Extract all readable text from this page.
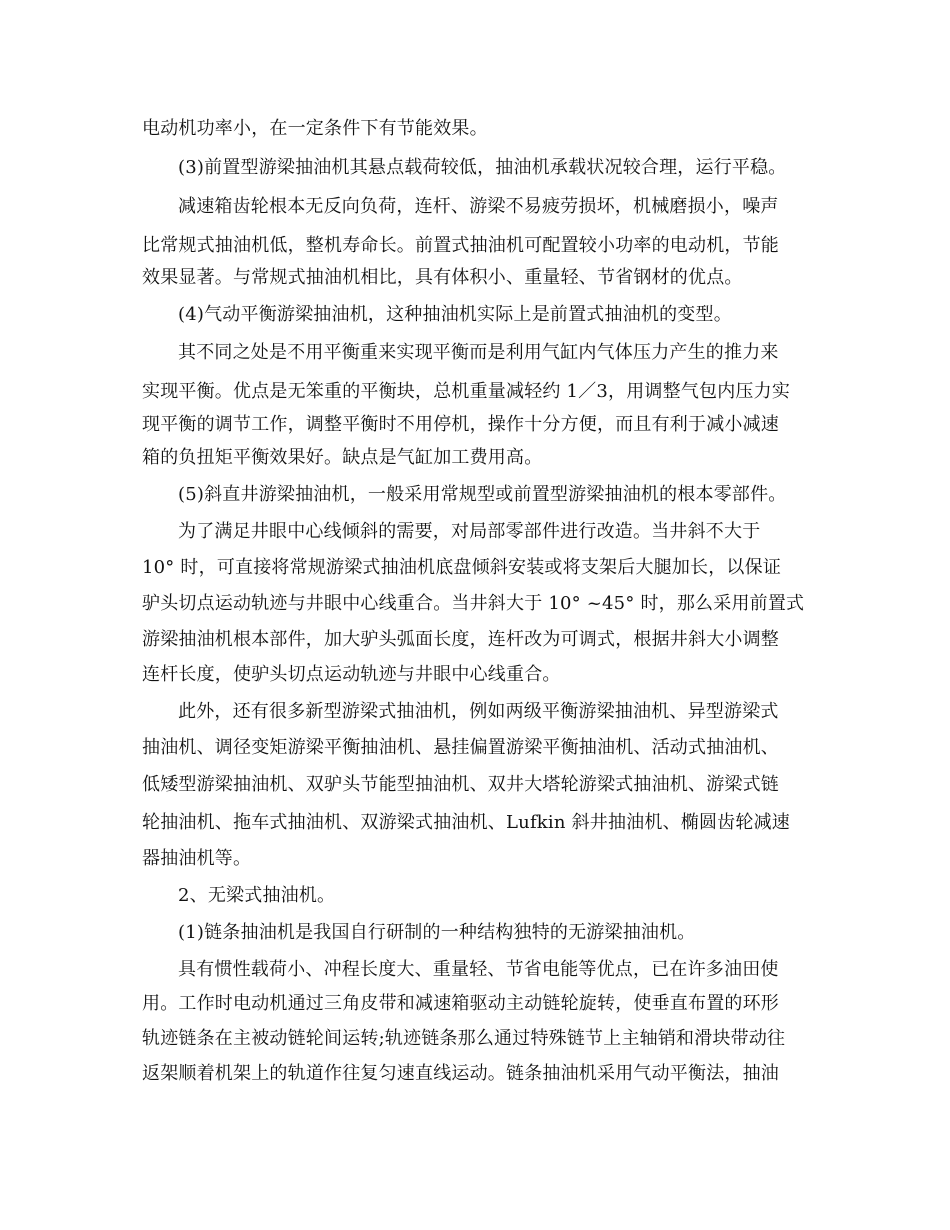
电动机功率小，在一定条件下有节能效果。
(3)前置型游梁抽油机其悬点载荷较低，抽油机承载状况较合理，运行平稳。
减速箱齿轮根本无反向负荷，连杆、游梁不易疲劳损坏，机械磨损小，噪声
比常规式抽油机低，整机寿命长。前置式抽油机可配置较小功率的电动机，节能
效果显著。与常规式抽油机相比，具有体积小、重量轻、节省钢材的优点。
(4)气动平衡游梁抽油机，这种抽油机实际上是前置式抽油机的变型。
其不同之处是不用平衡重来实现平衡而是利用气缸内气体压力产生的推力来
实现平衡。优点是无笨重的平衡块，总机重量减轻约 1／3，用调整气包内压力实
现平衡的调节工作，调整平衡时不用停机，操作十分方便，而且有利于减小减速
箱的负扭矩平衡效果好。缺点是气缸加工费用高。
(5)斜直井游梁抽油机，一般采用常规型或前置型游梁抽油机的根本零部件。
为了满足井眼中心线倾斜的需要，对局部零部件进行改造。当井斜不大于
10° 时，可直接将常规游梁式抽油机底盘倾斜安装或将支架后大腿加长，以保证
驴头切点运动轨迹与井眼中心线重合。当井斜大于 10° ~45° 时，那么采用前置式
游梁抽油机根本部件，加大驴头弧面长度，连杆改为可调式，根据井斜大小调整
连杆长度，使驴头切点运动轨迹与井眼中心线重合。
此外，还有很多新型游梁式抽油机，例如两级平衡游梁抽油机、异型游梁式
抽油机、调径变矩游梁平衡抽油机、悬挂偏置游梁平衡抽油机、活动式抽油机、
低矮型游梁抽油机、双驴头节能型抽油机、双井大塔轮游梁式抽油机、游梁式链
轮抽油机、拖车式抽油机、双游梁式抽油机、Lufkin 斜井抽油机、椭圆齿轮减速
器抽油机等。
2、无梁式抽油机。
(1)链条抽油机是我国自行研制的一种结构独特的无游梁抽油机。
具有惯性载荷小、冲程长度大、重量轻、节省电能等优点，已在许多油田使
用。工作时电动机通过三角皮带和减速箱驱动主动链轮旋转，使垂直布置的环形
轨迹链条在主被动链轮间运转;轨迹链条那么通过特殊链节上主轴销和滑块带动往
返架顺着机架上的轨道作往复匀速直线运动。链条抽油机采用气动平衡法，抽油
